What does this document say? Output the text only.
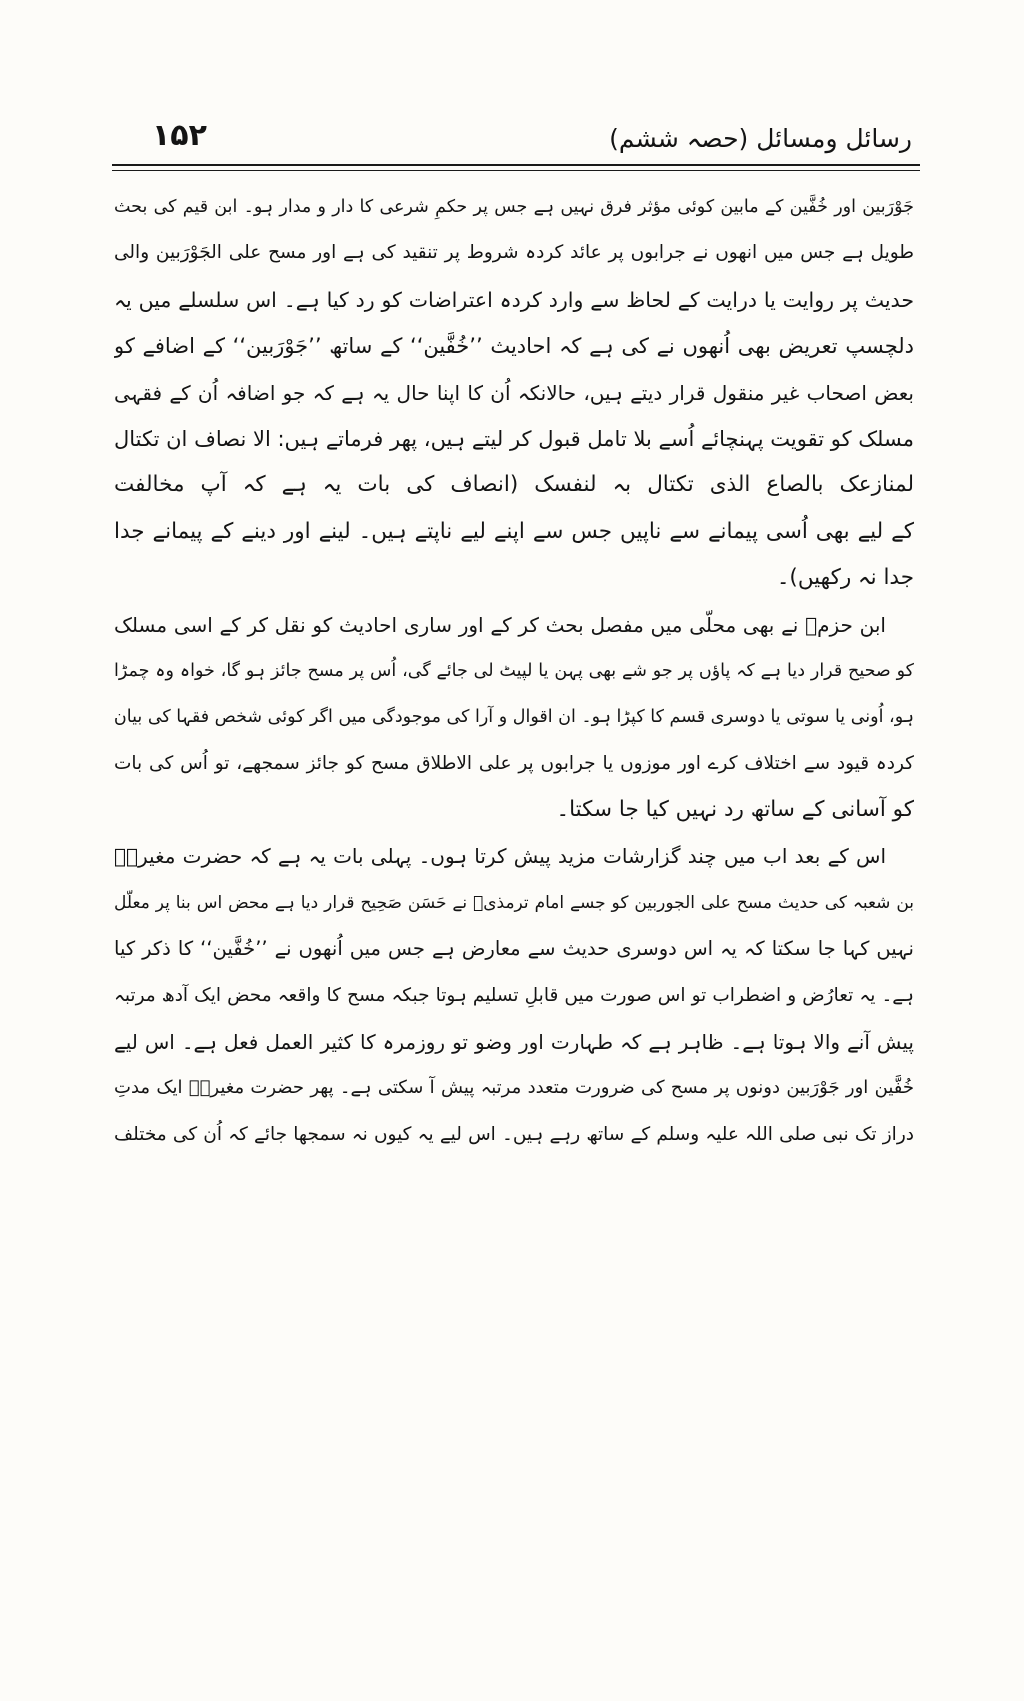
رسائل ومسائل (حصہ ششم)
۱۵۲
جَوْرَبین اور خُفَّین کے مابین کوئی مؤثر فرق نہیں ہے جس پر حکمِ شرعی کا دار و مدار ہو۔ ابن قیم کی بحث
طویل ہے جس میں انھوں نے جرابوں پر عائد کردہ شروط پر تنقید کی ہے اور مسح علی الجَوْرَبین والی
حدیث پر روایت یا درایت کے لحاظ سے وارد کردہ اعتراضات کو رد کیا ہے۔ اس سلسلے میں یہ
دلچسپ تعریض بھی اُنھوں نے کی ہے کہ احادیث ’’خُفَّین‘‘ کے ساتھ ’’جَوْرَبین‘‘ کے اضافے کو
بعض اصحاب غیر منقول قرار دیتے ہیں، حالانکہ اُن کا اپنا حال یہ ہے کہ جو اضافہ اُن کے فقہی
مسلک کو تقویت پہنچائے اُسے بلا تامل قبول کر لیتے ہیں، پھر فرماتے ہیں: الا نصاف ان تکتال
لمنازعک بالصاع الذی تکتال بہ لنفسک (انصاف کی بات یہ ہے کہ آپ مخالفت
کے لیے بھی اُسی پیمانے سے ناپیں جس سے اپنے لیے ناپتے ہیں۔ لینے اور دینے کے پیمانے جدا
جدا نہ رکھیں)۔
ابن حزمؒ نے بھی محلّی میں مفصل بحث کر کے اور ساری احادیث کو نقل کر کے اسی مسلک
کو صحیح قرار دیا ہے کہ پاؤں پر جو شے بھی پہن یا لپیٹ لی جائے گی، اُس پر مسح جائز ہو گا، خواہ وہ چمڑا
ہو، اُونی یا سوتی یا دوسری قسم کا کپڑا ہو۔ ان اقوال و آرا کی موجودگی میں اگر کوئی شخص فقہا کی بیان
کردہ قیود سے اختلاف کرے اور موزوں یا جرابوں پر علی الاطلاق مسح کو جائز سمجھے، تو اُس کی بات
کو آسانی کے ساتھ رد نہیں کیا جا سکتا۔
اس کے بعد اب میں چند گزارشات مزید پیش کرتا ہوں۔ پہلی بات یہ ہے کہ حضرت مغیرہؓ
بن شعبہ کی حدیث مسح علی الجوربین کو جسے امام ترمذیؒ نے حَسَن صَحِیح قرار دیا ہے محض اس بنا پر معلّل
نہیں کہا جا سکتا کہ یہ اس دوسری حدیث سے معارض ہے جس میں اُنھوں نے ’’خُفَّین‘‘ کا ذکر کیا
ہے۔ یہ تعارُض و اضطراب تو اس صورت میں قابلِ تسلیم ہوتا جبکہ مسح کا واقعہ محض ایک آدھ مرتبہ
پیش آنے والا ہوتا ہے۔ ظاہر ہے کہ طہارت اور وضو تو روزمرہ کا کثیر العمل فعل ہے۔ اس لیے
خُفَّین اور جَوْرَبین دونوں پر مسح کی ضرورت متعدد مرتبہ پیش آ سکتی ہے۔ پھر حضرت مغیرہؓ ایک مدتِ
دراز تک نبی صلی اللہ علیہ وسلم کے ساتھ رہے ہیں۔ اس لیے یہ کیوں نہ سمجھا جائے کہ اُن کی مختلف
